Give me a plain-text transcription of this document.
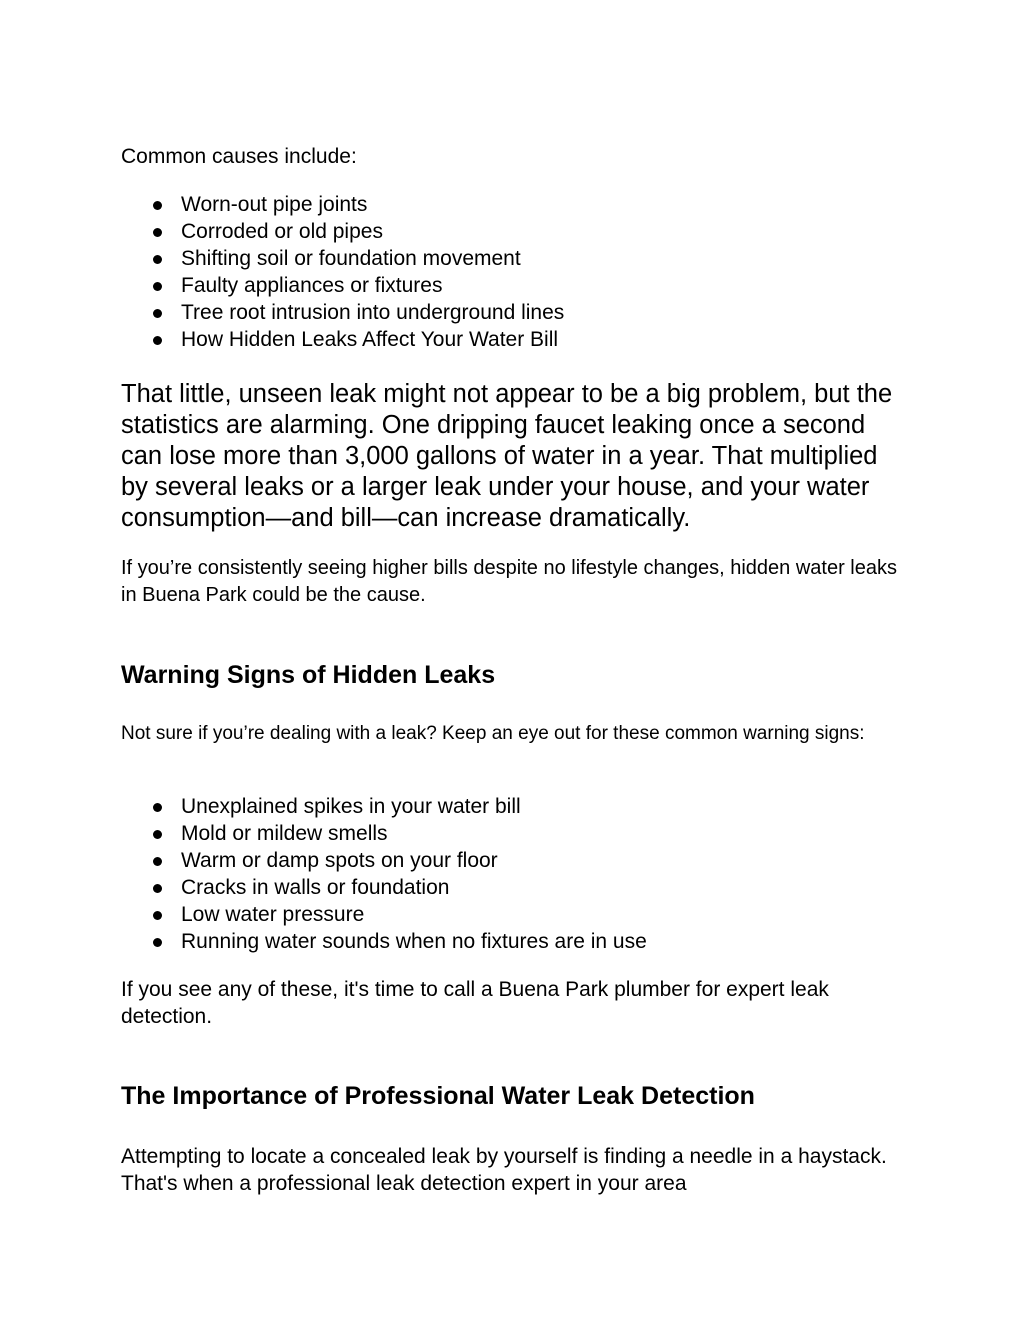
Common causes include:

Worn-out pipe joints
Corroded or old pipes
Shifting soil or foundation movement
Faulty appliances or fixtures
Tree root intrusion into underground lines
How Hidden Leaks Affect Your Water Bill

That little, unseen leak might not appear to be a big problem, but the statistics are alarming. One dripping faucet leaking once a second can lose more than 3,000 gallons of water in a year. That multiplied by several leaks or a larger leak under your house, and your water consumption—and bill—can increase dramatically.

If you’re consistently seeing higher bills despite no lifestyle changes, hidden water leaks in Buena Park could be the cause.

Warning Signs of Hidden Leaks

Not sure if you’re dealing with a leak? Keep an eye out for these common warning signs:

Unexplained spikes in your water bill
Mold or mildew smells
Warm or damp spots on your floor
Cracks in walls or foundation
Low water pressure
Running water sounds when no fixtures are in use

If you see any of these, it's time to call a Buena Park plumber for expert leak detection.

The Importance of Professional Water Leak Detection

Attempting to locate a concealed leak by yourself is finding a needle in a haystack. That's when a professional leak detection expert in your area
